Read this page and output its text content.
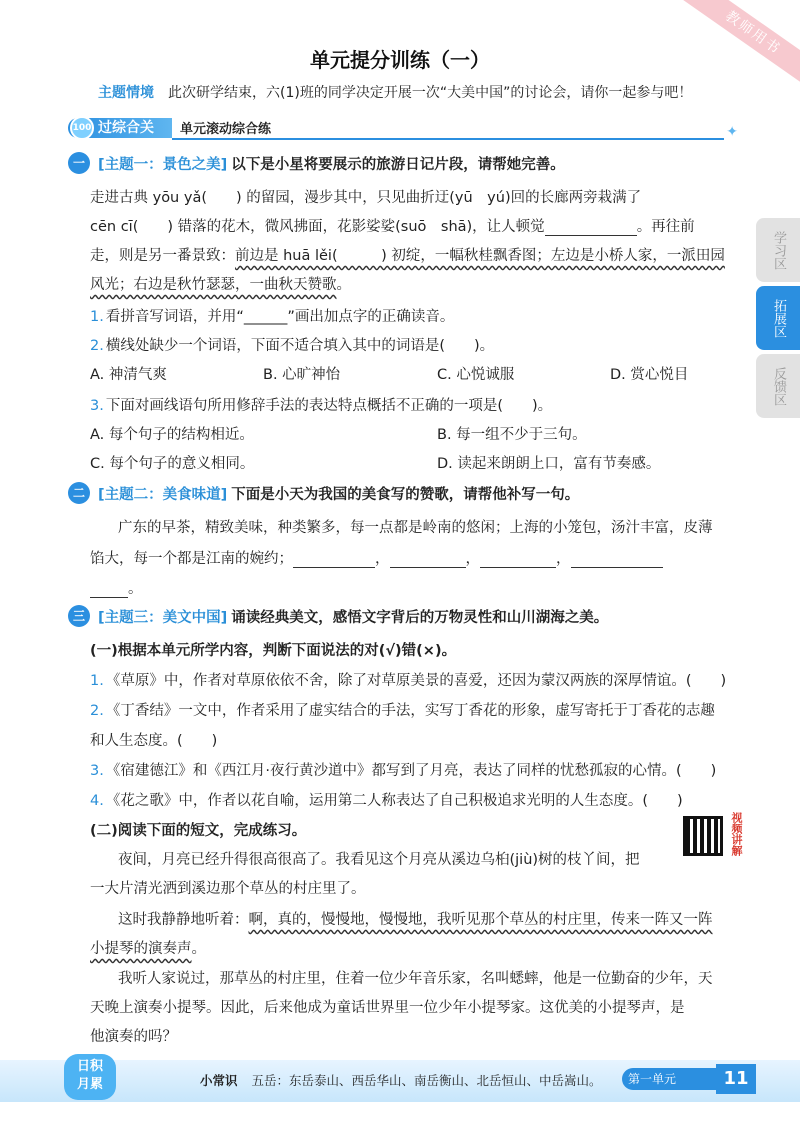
教师用书
单元提分训练（一）
主题情境 此次研学结束，六(1)班的同学决定开展一次“大美中国”的讨论会，请你一起参与吧！
过综合关
100	单元滚动综合练	✦
学习区
拓展区
反馈区
一 [主题一：景色之美] 以下是小星将要展示的旅游日记片段，请帮她完善。
走进古典 yōu yǎ(　　) 的留园，漫步其中，只见曲折迂(yū　yú)回的长廊两旁栽满了
cēn cī(　　) 错落的花木，微风拂面，花影娑娑(suō　shā)，让人顿觉	。再往前
走，则是另一番景致：前边是 huā lěi(　　　) 初绽，一幅秋桂飘香图；左边是小桥人家，一派田园
风光；右边是秋竹瑟瑟，一曲秋天赞歌。
1. 看拼音写词语，并用“______”画出加点字的正确读音。
2. 横线处缺少一个词语，下面不适合填入其中的词语是(　　)。
A. 神清气爽	B. 心旷神怡	C. 心悦诚服	D. 赏心悦目
3. 下面对画线语句所用修辞手法的表达特点概括不正确的一项是(　　)。
A. 每个句子的结构相近。	B. 每一组不少于三句。
C. 每个句子的意义相同。	D. 读起来朗朗上口，富有节奏感。
二 [主题二：美食味道] 下面是小天为我国的美食写的赞歌，请帮他补写一句。
广东的早茶，精致美味，种类繁多，每一点都是岭南的悠闲；上海的小笼包，汤汁丰富，皮薄
馅大，每一个都是江南的婉约；	，	，	，
。
三 [主题三：美文中国] 诵读经典美文，感悟文字背后的万物灵性和山川湖海之美。
(一)根据本单元所学内容，判断下面说法的对(√)错(×)。
1. 《草原》中，作者对草原依依不舍，除了对草原美景的喜爱，还因为蒙汉两族的深厚情谊。(　　)
2. 《丁香结》一文中，作者采用了虚实结合的手法，实写丁香花的形象，虚写寄托于丁香花的志趣
和人生态度。(　　)
3. 《宿建德江》和《西江月·夜行黄沙道中》都写到了月亮，表达了同样的忧愁孤寂的心情。(　　)
4. 《花之歌》中，作者以花自喻，运用第二人称表达了自己积极追求光明的人生态度。(　　)
(二)阅读下面的短文，完成练习。	视频讲解
夜间，月亮已经升得很高很高了。我看见这个月亮从溪边乌桕(jiù)树的枝丫间，把
一大片清光洒到溪边那个草丛的村庄里了。
这时我静静地听着：啊，真的，慢慢地，慢慢地，我听见那个草丛的村庄里，传来一阵又一阵
小提琴的演奏声。
我听人家说过，那草丛的村庄里，住着一位少年音乐家，名叫蟋蟀，他是一位勤奋的少年，天
天晚上演奏小提琴。因此，后来他成为童话世界里一位少年小提琴家。这优美的小提琴声，是
他演奏的吗？
日积
月累	小常识 五岳：东岳泰山、西岳华山、南岳衡山、北岳恒山、中岳嵩山。	第一单元	11
